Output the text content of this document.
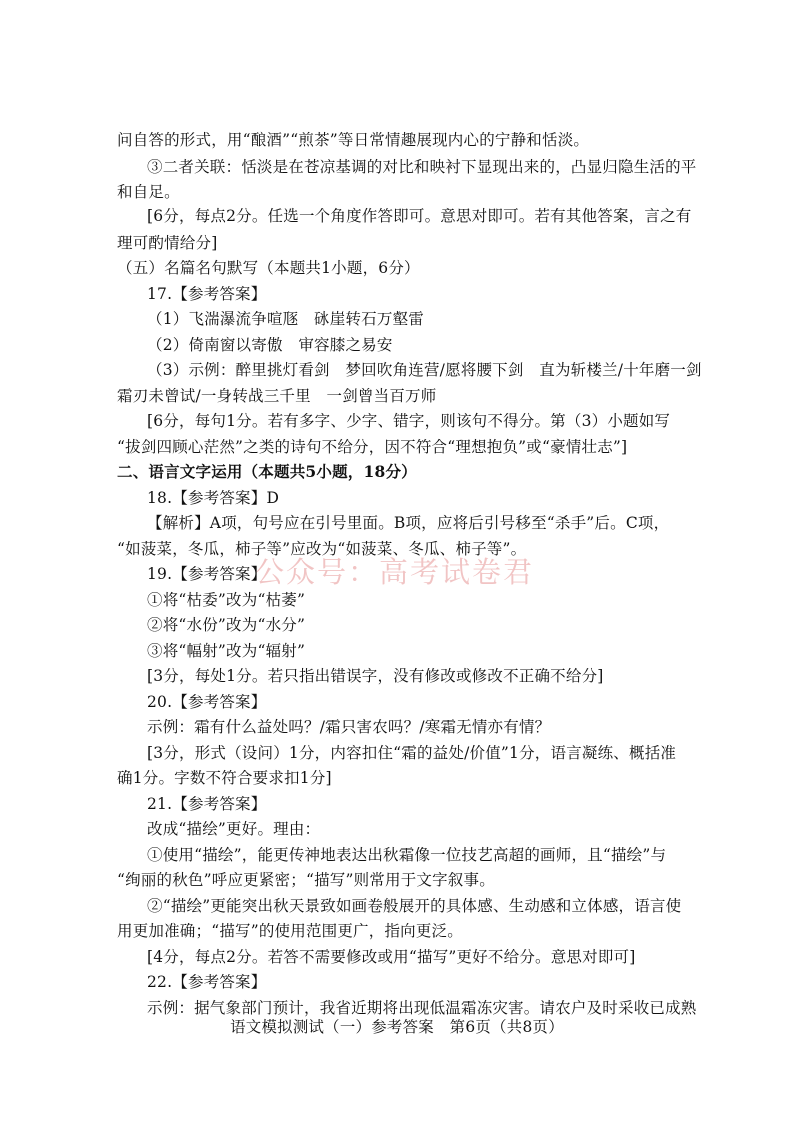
公众号：高考试卷君
问自答的形式，用“酿酒”“煎茶”等日常情趣展现内心的宁静和恬淡。
③二者关联：恬淡是在苍凉基调的对比和映衬下显现出来的，凸显归隐生活的平
和自足。
[6分，每点2分。任选一个角度作答即可。意思对即可。若有其他答案，言之有
理可酌情给分]
（五）名篇名句默写（本题共1小题，6分）
17.【参考答案】
（1）飞湍瀑流争喧豗　砯崖转石万壑雷
（2）倚南窗以寄傲　审容膝之易安
（3）示例：醉里挑灯看剑　梦回吹角连营/愿将腰下剑　直为斩楼兰/十年磨一剑
霜刃未曾试/一身转战三千里　一剑曾当百万师
[6分，每句1分。若有多字、少字、错字，则该句不得分。第（3）小题如写
“拔剑四顾心茫然”之类的诗句不给分，因不符合“理想抱负”或“豪情壮志”]
二、语言文字运用（本题共5小题，18分）
18.【参考答案】D
【解析】A项，句号应在引号里面。B项，应将后引号移至“杀手”后。C项，
“如菠菜，冬瓜，柿子等”应改为“如菠菜、冬瓜、柿子等”。
19.【参考答案】
①将“枯委”改为“枯萎”
②将“水份”改为“水分”
③将“幅射”改为“辐射”
[3分，每处1分。若只指出错误字，没有修改或修改不正确不给分]
20.【参考答案】
示例：霜有什么益处吗？/霜只害农吗？/寒霜无情亦有情？
[3分，形式（设问）1分，内容扣住“霜的益处/价值”1分，语言凝练、概括准
确1分。字数不符合要求扣1分]
21.【参考答案】
改成“描绘”更好。理由：
①使用“描绘”，能更传神地表达出秋霜像一位技艺高超的画师，且“描绘”与
“绚丽的秋色”呼应更紧密；“描写”则常用于文字叙事。
②“描绘”更能突出秋天景致如画卷般展开的具体感、生动感和立体感，语言使
用更加准确；“描写”的使用范围更广，指向更泛。
[4分，每点2分。若答不需要修改或用“描写”更好不给分。意思对即可]
22.【参考答案】
示例：据气象部门预计，我省近期将出现低温霜冻灾害。请农户及时采收已成熟
语文模拟测试（一）参考答案　第6页（共8页）
